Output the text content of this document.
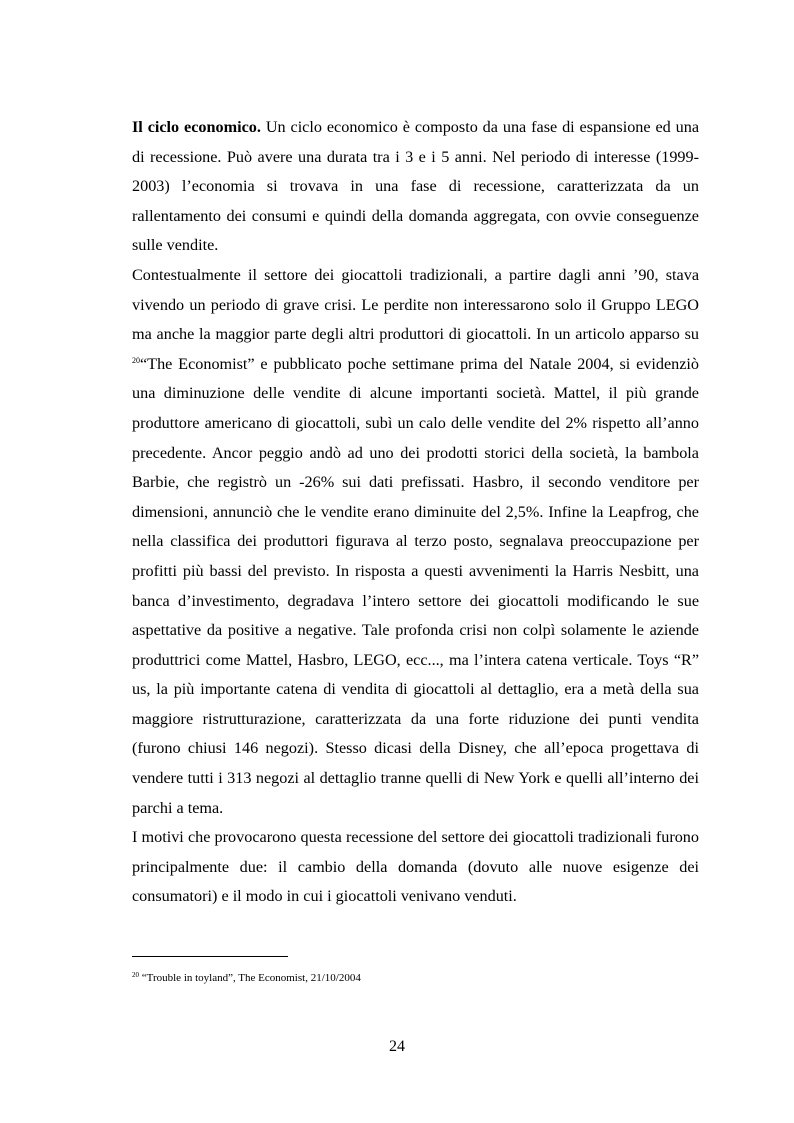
Il ciclo economico. Un ciclo economico è composto da una fase di espansione ed una di recessione. Può avere una durata tra i 3 e i 5 anni. Nel periodo di interesse (1999-2003) l’economia si trovava in una fase di recessione, caratterizzata da un rallentamento dei consumi e quindi della domanda aggregata, con ovvie conseguenze sulle vendite.

Contestualmente il settore dei giocattoli tradizionali, a partire dagli anni ’90, stava vivendo un periodo di grave crisi. Le perdite non interessarono solo il Gruppo LEGO ma anche la maggior parte degli altri produttori di giocattoli. In un articolo apparso su $^{20}$“The Economist” e pubblicato poche settimane prima del Natale 2004, si evidenziò una diminuzione delle vendite di alcune importanti società. Mattel, il più grande produttore americano di giocattoli, subì un calo delle vendite del 2% rispetto all’anno precedente. Ancor peggio andò ad uno dei prodotti storici della società, la bambola Barbie, che registrò un -26% sui dati prefissati. Hasbro, il secondo venditore per dimensioni, annunciò che le vendite erano diminuite del 2,5%. Infine la Leapfrog, che nella classifica dei produttori figurava al terzo posto, segnalava preoccupazione per profitti più bassi del previsto. In risposta a questi avvenimenti la Harris Nesbitt, una banca d’investimento, degradava l’intero settore dei giocattoli modificando le sue aspettative da positive a negative. Tale profonda crisi non colpì solamente le aziende produttrici come Mattel, Hasbro, LEGO, ecc..., ma l’intera catena verticale. Toys “R” us, la più importante catena di vendita di giocattoli al dettaglio, era a metà della sua maggiore ristrutturazione, caratterizzata da una forte riduzione dei punti vendita (furono chiusi 146 negozi). Stesso dicasi della Disney, che all’epoca progettava di vendere tutti i 313 negozi al dettaglio tranne quelli di New York e quelli all’interno dei parchi a tema.

I motivi che provocarono questa recessione del settore dei giocattoli tradizionali furono principalmente due: il cambio della domanda (dovuto alle nuove esigenze dei consumatori) e il modo in cui i giocattoli venivano venduti.

$^{20}$ “Trouble in toyland”, The Economist, 21/10/2004
24
